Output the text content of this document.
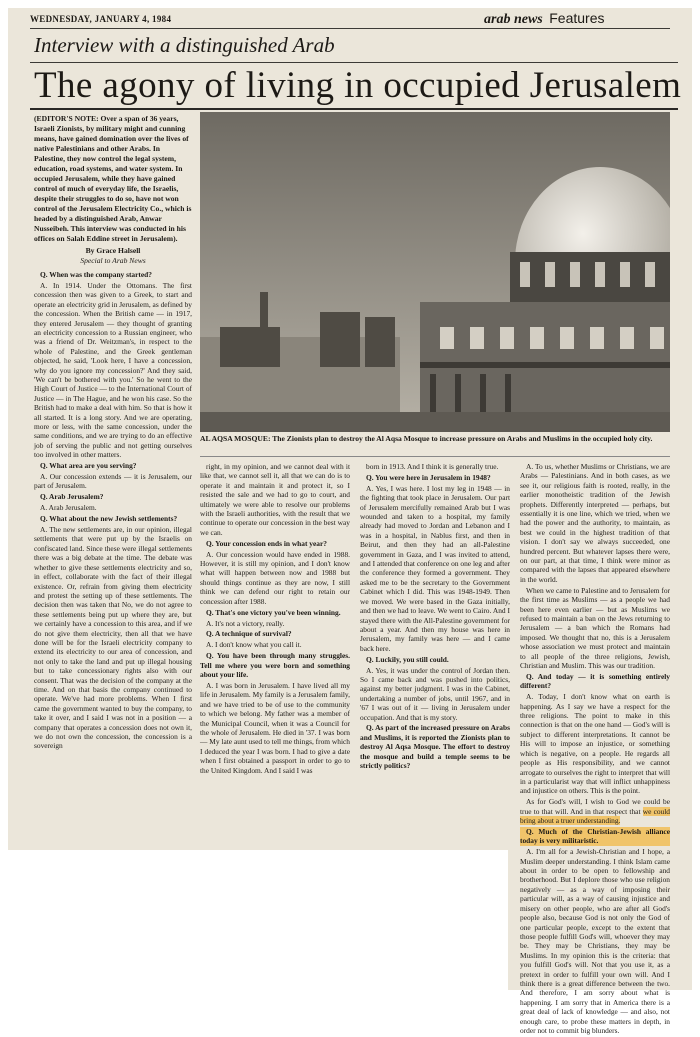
WEDNESDAY, JANUARY 4, 1984	arab news Features
Interview with a distinguished Arab
The agony of living in occupied Jerusalem
(EDITOR'S NOTE: Over a span of 36 years, Israeli Zionists, by military might and cunning means, have gained domination over the lives of native Palestinians and other Arabs. In Palestine, they now control the legal system, education, road systems, and water system. In occupied Jerusalem, while they have gained control of much of everyday life, the Israelis, despite their struggles to do so, have not won control of the Jerusalem Electricity Co., which is headed by a distinguished Arab, Anwar Nusseibeh. This interview was conducted in his offices on Salah Eddine street in Jerusalem).
By Grace Halsell
Special to Arab News
AL AQSA MOSQUE: The Zionists plan to destroy the Al Aqsa Mosque to increase pressure on Arabs and Muslims in the occupied holy city.

Q. When was the company started?

A. In 1914. Under the Ottomans. The first concession then was given to a Greek, to start and operate an electricity grid in Jerusalem, as defined by the concession. When the British came — in 1917, they entered Jerusalem — they thought of granting an electricity concession to a Russian engineer, who was a friend of Dr. Weitzman's, in respect to the whole of Palestine, and the Greek gentleman objected, he said, 'Look here, I have a concession, why do you ignore my concession?' And they said, 'We can't be bothered with you.' So he went to the High Court of Justice — to the International Court of Justice — in The Hague, and he won his case. So the British had to make a deal with him. So that is how it all started. It is a long story. And we are operating, more or less, with the same concession, under the same conditions, and we are trying to do an effective job of serving the public and not getting ourselves too involved in other matters.

Q. What area are you serving?

A. Our concession extends — it is Jerusalem, our part of Jerusalem.

Q. Arab Jerusalem?

A. Arab Jerusalem.

Q. What about the new Jewish settlements?

A. The new settlements are, in our opinion, illegal settlements that were put up by the Israelis on confiscated land. Since these were illegal settlements there was a big debate at the time. The debate was whether to give these settlements electricity and so, in effect, collaborate with the fact of their illegal existence. Or, refrain from giving them electricity and protest the setting up of these settlements. The decision then was taken that No, we do not agree to these settlements being put up where they are, but we certainly have a concession to this area, and if we do not give them electricity, then all that we have done will be for the Israeli electricity company to extend its electricity to our area of concession, and not only to take the land and put up illegal housing but to take concessionary rights also with our consent. That was the decision of the company at the time. And on that basis the company continued to operate. We've had more problems. When I first came the government wanted to buy the company, to take it over, and I said I was not in a position — a company that operates a concession does not own it, we do not own the concession, the concession is a sovereign

right, in my opinion, and we cannot deal with it like that, we cannot sell it, all that we can do is to operate it and maintain it and protect it, so I resisted the sale and we had to go to court, and ultimately we were able to resolve our problems with the Israeli authorities, with the result that we continue to operate our concession in the best way we can.

Q. Your concession ends in what year?

A. Our concession would have ended in 1988. However, it is still my opinion, and I don't know what will happen between now and 1988 but should things continue as they are now, I still think we can defend our right to retain our concession after 1988.

Q. That's one victory you've been winning.

A. It's not a victory, really.

Q. A technique of survival?

A. I don't know what you call it.

Q. You have been through many struggles. Tell me where you were born and something about your life.

A. I was born in Jerusalem. I have lived all my life in Jerusalem. My family is a Jerusalem family, and we have tried to be of use to the community to which we belong. My father was a member of the Municipal Council, when it was a Council for the whole of Jerusalem. He died in '37. I was born — My late aunt used to tell me things, from which I deduced the year I was born. I had to give a date when I first obtained a passport in order to go to the United Kingdom. And I said I was

born in 1913. And I think it is generally true.

Q. You were here in Jerusalem in 1948?

A. Yes, I was here. I lost my leg in 1948 — in the fighting that took place in Jerusalem. Our part of Jerusalem mercifully remained Arab but I was wounded and taken to a hospital, my family already had moved to Jordan and Lebanon and I was in a hospital, in Nablus first, and then in Beirut, and then they had an all-Palestine government in Gaza, and I was invited to attend, and I attended that conference on one leg and after the conference they formed a government. They asked me to be the secretary to the Government Cabinet which I did. This was 1948-1949. Then we moved. We were based in the Gaza initially, and then we had to leave. We went to Cairo. And I stayed there with the All-Palestine government for about a year. And then my house was here in Jerusalem, my family was here — and I came back here.

Q. Luckily, you still could.

A. Yes, it was under the control of Jordan then. So I came back and was pushed into politics, against my better judgment. I was in the Cabinet, undertaking a number of jobs, until 1967, and in '67 I was out of it — living in Jerusalem under occupation. And that is my story.

Q. As part of the increased pressure on Arabs and Muslims, it is reported the Zionists plan to destroy Al Aqsa Mosque. The effort to destroy the mosque and build a temple seems to be strictly politics?

A. To us, whether Muslims or Christians, we are Arabs — Palestinians. And in both cases, as we see it, our religious faith is rooted, really, in the earlier monotheistic tradition of the Jewish prophets. Differently interpreted — perhaps, but essentially it is one line, which we tried, when we had the power and the authority, to maintain, as best we could in the highest tradition of that vision. I don't say we always succeeded, one hundred percent. But whatever lapses there were, on our part, at that time, I think were minor as compared with the lapses that appeared elsewhere in the world.

When we came to Palestine and to Jerusalem for the first time as Muslims — as a people we had been here even earlier — but as Muslims we refused to maintain a ban on the Jews returning to Jerusalem — a ban which the Romans had imposed. We thought that no, this is a Jerusalem whose association we must protect and maintain to all people of the three religions, Jewish, Christian and Muslim. This was our tradition.

Q. And today — it is something entirely different?

A. Today, I don't know what on earth is happening. As I say we have a respect for the three religions. The point to make in this connection is that on the one hand — God's will is subject to different interpretations. It cannot be His will to impose an injustice, or something which is negative, on a people. He regards all people as His responsibility, and we cannot arrogate to ourselves the right to interpret that will in a particularist way that will inflict unhappiness and injustice on others. This is the point.

As for God's will, I wish to God we could be true to that will. And in that respect that we could bring about a truer understanding.

Q. Much of the Christian-Jewish alliance today is very militaristic.

A. I'm all for a Jewish-Christian and I hope, a Muslim deeper understanding. I think Islam came about in order to be open to fellowship and brotherhood. But I deplore those who use religion negatively — as a way of imposing their particular will, as a way of causing injustice and misery on other people, who are after all God's people also, because God is not only the God of one particular people, except to the extent that those people fulfill God's will, whoever they may be. They may be Christians, they may be Muslims. In my opinion this is the criteria: that you fulfill God's will. Not that you use it, as a pretext in order to fulfill your own will. And I think there is a great difference between the two. And therefore, I am sorry about what is happening. I am sorry that in America there is a great deal of lack of knowledge — and also, not enough care, to probe these matters in depth, in order not to commit big blunders.
